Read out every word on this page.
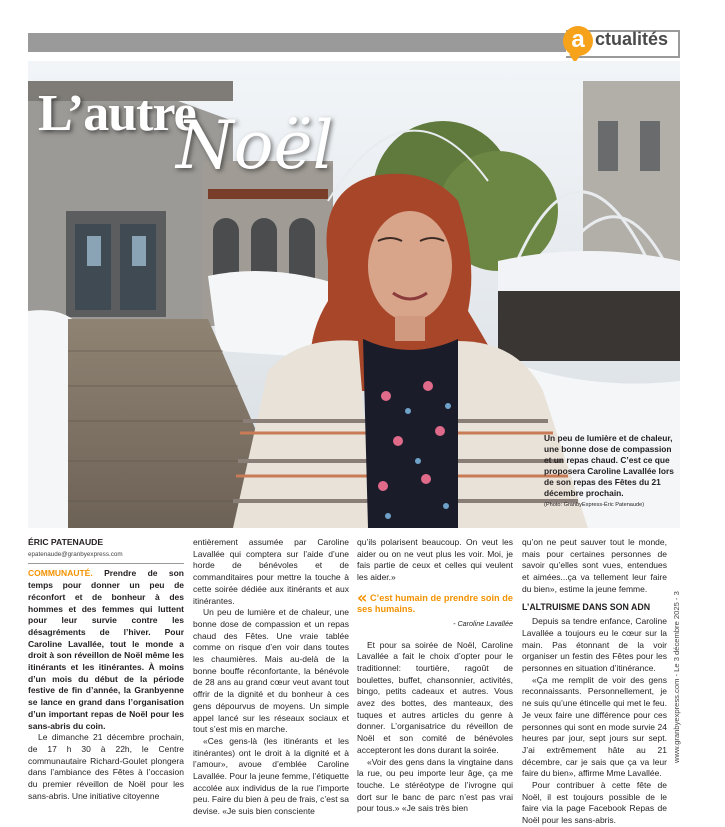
a ctualités
L’autre
Noël
Un peu de lumière et de chaleur, une bonne dose de compassion et un repas chaud. C’est ce que proposera Caroline Lavallée lors de son repas des Fêtes du 21 décembre prochain.
(Photo: GranbyExpress-Éric Patenaude)
ÉRIC PATENAUDE
epatenaude@granbyexpress.com

COMMUNAUTÉ. Prendre de son temps pour donner un peu de réconfort et de bonheur à des hommes et des femmes qui luttent pour leur survie contre les désagréments de l’hiver. Pour Caroline Lavallée, tout le monde a droit à son réveillon de Noël même les itinérants et les itinérantes. À moins d’un mois du début de la période festive de fin d’année, la Granbyenne se lance en grand dans l’organisation d’un important repas de Noël pour les sans-abris du coin.

Le dimanche 21 décembre prochain, de 17 h 30 à 22h, le Centre communautaire Richard-Goulet plongera dans l’ambiance des Fêtes à l’occasion du premier réveillon de Noël pour les sans-abris. Une initiative citoyenne

entièrement assumée par Caroline Lavallée qui comptera sur l’aide d’une horde de bénévoles et de commanditaires pour mettre la touche à cette soirée dédiée aux itinérants et aux itinérantes.

Un peu de lumière et de chaleur, une bonne dose de compassion et un repas chaud des Fêtes. Une vraie tablée comme on risque d’en voir dans toutes les chaumières. Mais au-delà de la bonne bouffe réconfortante, la bénévole de 28 ans au grand cœur veut avant tout offrir de la dignité et du bonheur à ces gens dépourvus de moyens. Un simple appel lancé sur les réseaux sociaux et tout s’est mis en marche.

«Ces gens-là (les itinérants et les itinérantes) ont le droit à la dignité et à l’amour», avoue d’emblée Caroline Lavallée. Pour la jeune femme, l’étiquette accolée aux individus de la rue l’importe peu. Faire du bien à peu de frais, c’est sa devise. «Je suis bien consciente

qu’ils polarisent beaucoup. On veut les aider ou on ne veut plus les voir. Moi, je fais partie de ceux et celles qui veulent les aider.»

« C’est humain de prendre soin de ses humains.
- Caroline Lavallée

Et pour sa soirée de Noël, Caroline Lavallée a fait le choix d’opter pour le traditionnel: tourtière, ragoût de boulettes, buffet, chansonnier, activités, bingo, petits cadeaux et autres. Vous avez des bottes, des manteaux, des tuques et autres articles du genre à donner. L’organisatrice du réveillon de Noël et son comité de bénévoles accepteront les dons durant la soirée.

«Voir des gens dans la vingtaine dans la rue, ou peu importe leur âge, ça me touche. Le stéréotype de l’ivrogne qui dort sur le banc de parc n’est pas vrai pour tous.» «Je sais très bien

qu’on ne peut sauver tout le monde, mais pour certaines personnes de savoir qu’elles sont vues, entendues et aimées...ça va tellement leur faire du bien», estime la jeune femme.

L’ALTRUISME DANS SON ADN

Depuis sa tendre enfance, Caroline Lavallée a toujours eu le cœur sur la main. Pas étonnant de la voir organiser un festin des Fêtes pour les personnes en situation d’itinérance.

«Ça me remplit de voir des gens reconnaissants. Personnellement, je ne suis qu’une étincelle qui met le feu. Je veux faire une différence pour ces personnes qui sont en mode survie 24 heures par jour, sept jours sur sept. J’ai extrêmement hâte au 21 décembre, car je sais que ça va leur faire du bien», affirme Mme Lavallée.

Pour contribuer à cette fête de Noël, il est toujours possible de le faire via la page Facebook Repas de Noël pour les sans-abris.

www.granbyexpress.com - Le 3 décembre 2025 - 3
